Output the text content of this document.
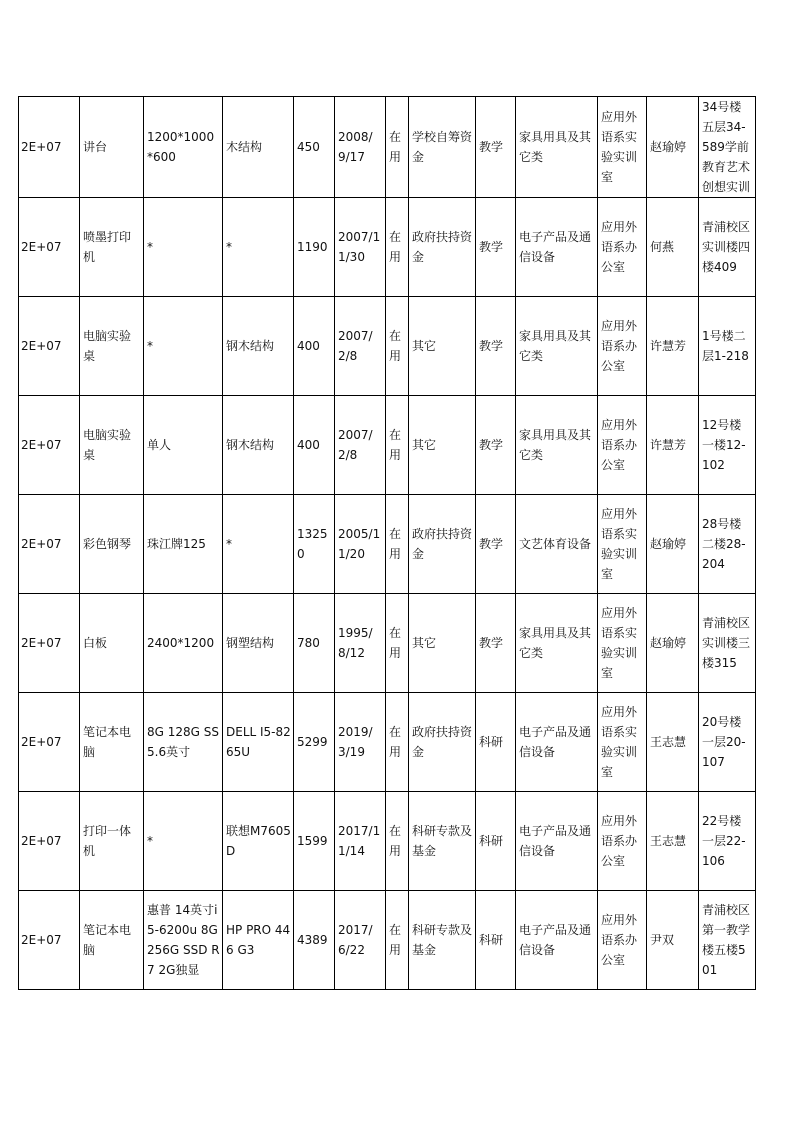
2E+07	讲台	1200*1000*600	木结构	450	2008/9/17	在用	学校自筹资金	教学	家具用具及其它类	应用外语系实验实训室	赵瑜婷	34号楼五层34-589学前教育艺术创想实训
2E+07	喷墨打印机	*	*	1190	2007/11/30	在用	政府扶持资金	教学	电子产品及通信设备	应用外语系办公室	何燕	青浦校区实训楼四楼409
2E+07	电脑实验桌	*	钢木结构	400	2007/2/8	在用	其它	教学	家具用具及其它类	应用外语系办公室	许慧芳	1号楼二层1-218
2E+07	电脑实验桌	单人	钢木结构	400	2007/2/8	在用	其它	教学	家具用具及其它类	应用外语系办公室	许慧芳	12号楼一楼12-102
2E+07	彩色钢琴	珠江牌125	*	13250	2005/11/20	在用	政府扶持资金	教学	文艺体育设备	应用外语系实验实训室	赵瑜婷	28号楼二楼28-204
2E+07	白板	2400*1200	钢塑结构	780	1995/8/12	在用	其它	教学	家具用具及其它类	应用外语系实验实训室	赵瑜婷	青浦校区实训楼三楼315
2E+07	笔记本电脑	8G 128G SS 5.6英寸	DELL I5-8265U	5299	2019/3/19	在用	政府扶持资金	科研	电子产品及通信设备	应用外语系实验实训室	王志慧	20号楼一层20-107
2E+07	打印一体机	*	联想M7605D	1599	2017/11/14	在用	科研专款及基金	科研	电子产品及通信设备	应用外语系办公室	王志慧	22号楼一层22-106
2E+07	笔记本电脑	惠普 14英寸i5-6200u 8G 256G SSD R7 2G独显	HP PRO 446 G3	4389	2017/6/22	在用	科研专款及基金	科研	电子产品及通信设备	应用外语系办公室	尹双	青浦校区第一教学楼五楼501
